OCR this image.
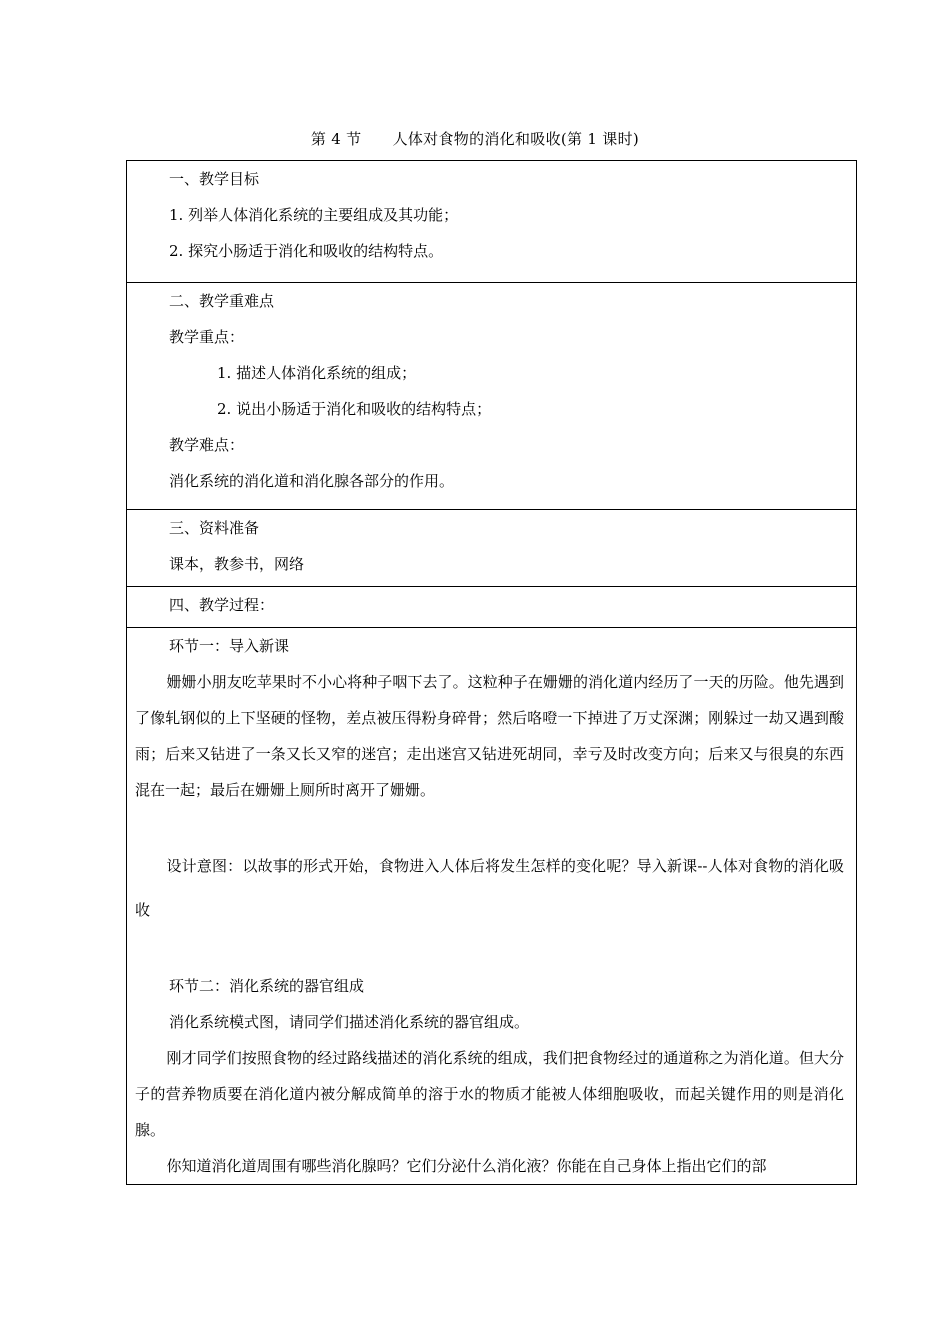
第 4 节 人体对食物的消化和吸收(第 1 课时)
一、教学目标
1. 列举人体消化系统的主要组成及其功能；
2. 探究小肠适于消化和吸收的结构特点。

二、教学重难点
教学重点：
1. 描述人体消化系统的组成；
2. 说出小肠适于消化和吸收的结构特点；
教学难点：
消化系统的消化道和消化腺各部分的作用。

三、资料准备
课本，教参书，网络

四、教学过程：

环节一：导入新课
姗姗小朋友吃苹果时不小心将种子咽下去了。这粒种子在姗姗的消化道内经历了一天的历险。他先遇到了像轧钢似的上下坚硬的怪物，差点被压得粉身碎骨；然后咯噔一下掉进了万丈深渊；刚躲过一劫又遇到酸雨；后来又钻进了一条又长又窄的迷宫；走出迷宫又钻进死胡同，幸亏及时改变方向；后来又与很臭的东西混在一起；最后在姗姗上厕所时离开了姗姗。
设计意图：以故事的形式开始，食物进入人体后将发生怎样的变化呢？导入新课--人体对食物的消化吸收
环节二：消化系统的器官组成
消化系统模式图，请同学们描述消化系统的器官组成。
刚才同学们按照食物的经过路线描述的消化系统的组成，我们把食物经过的通道称之为消化道。但大分子的营养物质要在消化道内被分解成简单的溶于水的物质才能被人体细胞吸收，而起关键作用的则是消化腺。
你知道消化道周围有哪些消化腺吗？它们分泌什么消化液？你能在自己身体上指出它们的部
